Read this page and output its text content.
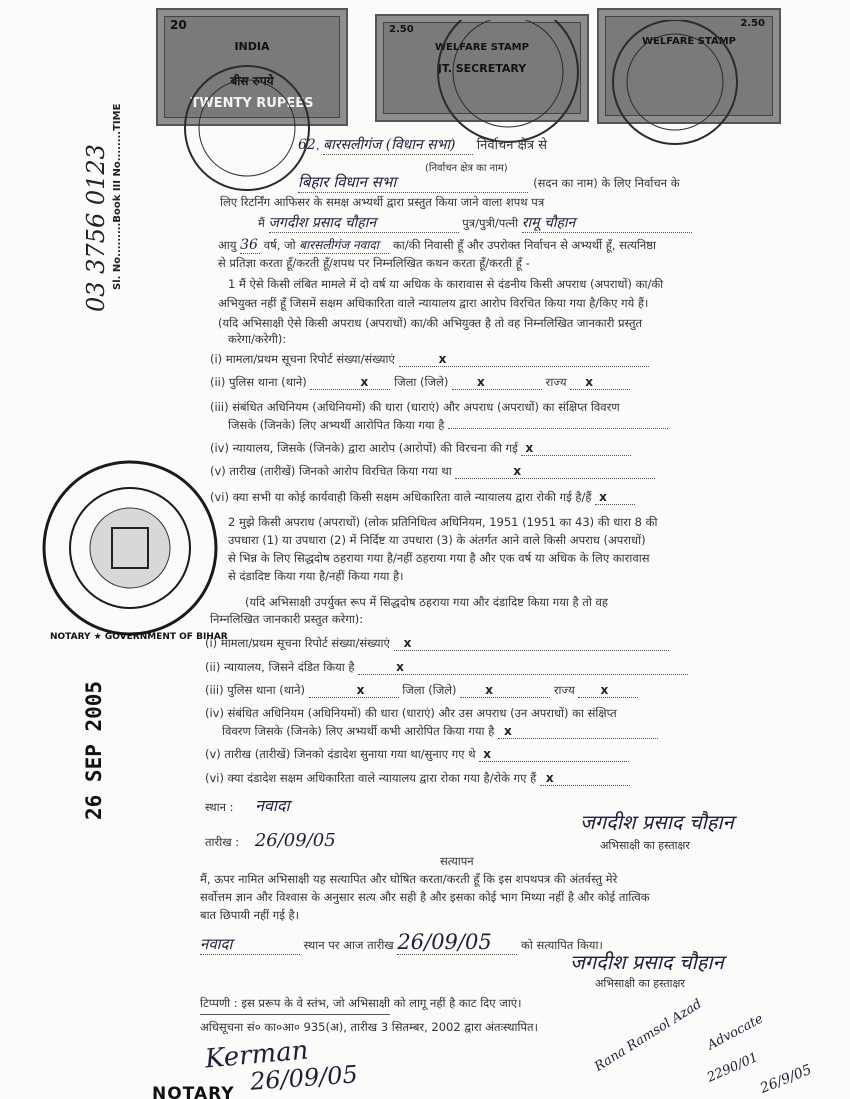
20
INDIA
बीस रुपये
TWENTY RUPEES
2.50
WELFARE STAMP
JT. SECRETARY
2.50
WELFARE STAMP
03 3756 0123 Sl. No.........Book III No........TIME
26 SEP 2005
NOTARY ★ GOVERNMENT OF BIHAR
62, बारसलीगंज (विधान सभा) निर्वाचन क्षेत्र से
(निर्वाचन क्षेत्र का नाम)
बिहार विधान सभा	(सदन का नाम) के लिए निर्वाचन के
लिए रिटर्निंग आफिसर के समक्ष अभ्यर्थी द्वारा प्रस्तुत किया जाने वाला शपथ पत्र
मैं जगदीश प्रसाद चौहान	पुत्र/पुत्री/पत्नी रामू चौहान
आयु 36 वर्ष, जो बारसलीगंज नवादा का/की निवासी हूँ और उपरोक्त निर्वाचन से अभ्यर्थी हूँ, सत्यनिष्ठा
से प्रतिज्ञा करता हूँ/करती हूँ/शपथ पर निम्नलिखित कथन करता हूँ/करती हूँ -
1 मैं ऐसे किसी लंबित मामले में दो वर्ष या अधिक के कारावास से दंडनीय किसी अपराध (अपराधों) का/की
अभियुक्त नहीं हूँ जिसमें सक्षम अधिकारिता वाले न्यायालय द्वारा आरोप विरचित किया गया है/किए गये हैं।
(यदि अभिसाक्षी ऐसे किसी अपराध (अपराधों) का/की अभियुक्त है तो वह निम्नलिखित जानकारी प्रस्तुत
करेगा/करेगी):
(i) मामला/प्रथम सूचना रिपोर्ट संख्या/संख्याएं	x
(ii) पुलिस थाना (थाने)	x जिला (जिले) x	राज्य x
(iii) संबंधित अधिनियम (अधिनियमों) की धारा (धाराएं) और अपराध (अपराधों) का संक्षिप्त विवरण
जिसके (जिनके) लिए अभ्यर्थी आरोपित किया गया है
(iv) न्यायालय, जिसके (जिनके) द्वारा आरोप (आरोपों) की विरचना की गई x
(v) तारीख (तारीखें) जिनको आरोप विरचित किया गया था	x
(vi) क्या सभी या कोई कार्यवाही किसी सक्षम अधिकारिता वाले न्यायालय द्वारा रोकी गई है/हैं x
2 मुझे किसी अपराध (अपराधों) (लोक प्रतिनिधित्व अधिनियम, 1951 (1951 का 43) की धारा 8 की
उपधारा (1) या उपधारा (2) में निर्दिष्ट या उपधारा (3) के अंतर्गत आने वाले किसी अपराध (अपराधों)
से भिन्न के लिए सिद्धदोष ठहराया गया है/नहीं ठहराया गया है और एक वर्ष या अधिक के लिए कारावास
से दंडादिष्ट किया गया है/नहीं किया गया है।
(यदि अभिसाक्षी उपर्युक्त रूप में सिद्धदोष ठहराया गया और दंडादिष्ट किया गया है तो वह
निम्नलिखित जानकारी प्रस्तुत करेगा):
(i) मामला/प्रथम सूचना रिपोर्ट संख्या/संख्याएं x
(ii) न्यायालय, जिसने दंडित किया है	x
(iii) पुलिस थाना (थाने)	x	जिला (जिले) x	राज्य x
(iv) संबंधित अधिनियम (अधिनियमों) की धारा (धाराएं) और उस अपराध (उन अपराधों) का संक्षिप्त
विवरण जिसके (जिनके) लिए अभ्यर्थी कभी आरोपित किया गया है x
(v) तारीख (तारीखें) जिनको दंडादेश सुनाया गया था/सुनाए गए थे x
(vi) क्या दंडादेश सक्षम अधिकारिता वाले न्यायालय द्वारा रोका गया है/रोके गए हैं x
स्थान : नवादा
जगदीश प्रसाद चौहान
तारीख : 26/09/05	अभिसाक्षी का हस्ताक्षर
सत्यापन
मैं, ऊपर नामित अभिसाक्षी यह सत्यापित और घोषित करता/करती हूँ कि इस शपथपत्र की अंतर्वस्तु मेरे
सर्वोत्तम ज्ञान और विश्वास के अनुसार सत्य और सही है और इसका कोई भाग मिथ्या नहीं है और कोई तात्विक
बात छिपायी नहीं गई है।
नवादा	स्थान पर आज तारीख 26/09/05	को सत्यापित किया।
जगदीश प्रसाद चौहान
अभिसाक्षी का हस्ताक्षर
टिप्पणी : इस प्ररूप के वे स्तंभ, जो अभिसाक्षी को लागू नहीं है काट दिए जाएं।
अधिसूचना सं० का०आ० 935(अ), तारीख 3 सितम्बर, 2002 द्वारा अंतःस्थापित।
Kerman
26/09/05
NOTARY
Rana Ramsol Azad Advocate
2290/01
26/9/05
